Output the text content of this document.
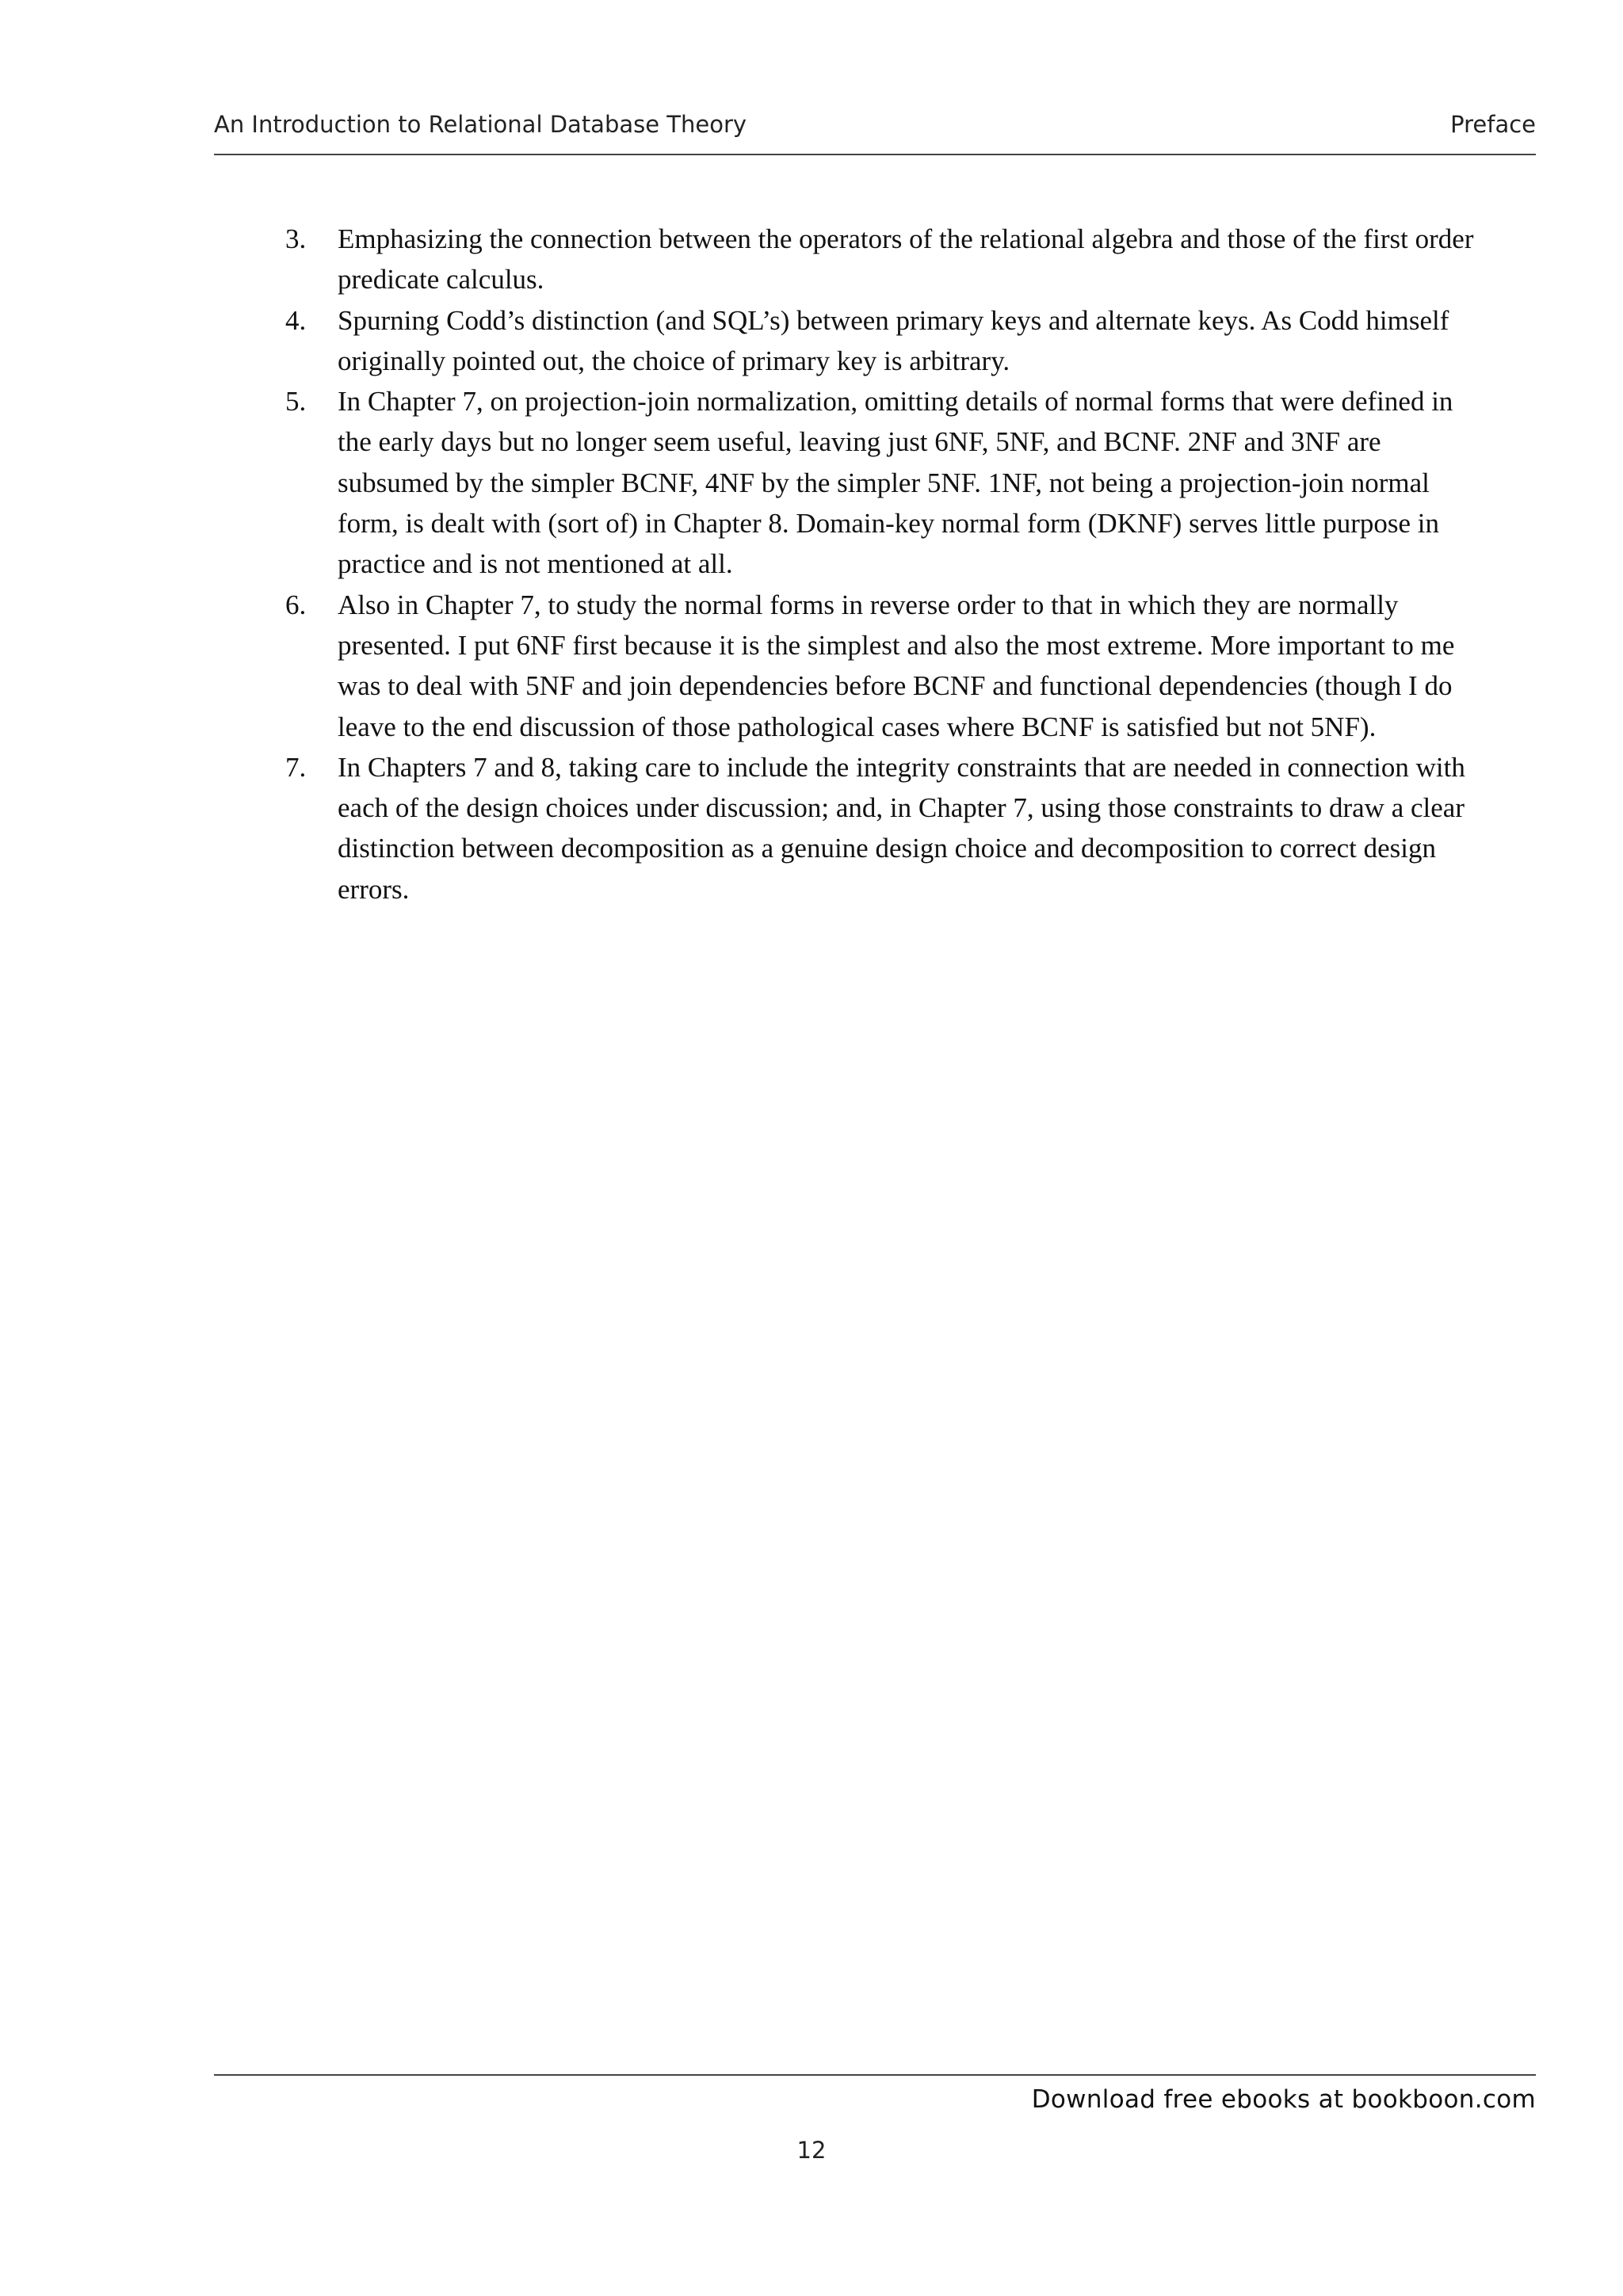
An Introduction to Relational Database Theory	Preface
3. Emphasizing the connection between the operators of the relational algebra and those of the first order predicate calculus.
4. Spurning Codd’s distinction (and SQL’s) between primary keys and alternate keys. As Codd himself originally pointed out, the choice of primary key is arbitrary.
5. In Chapter 7, on projection-join normalization, omitting details of normal forms that were defined in the early days but no longer seem useful, leaving just 6NF, 5NF, and BCNF. 2NF and 3NF are subsumed by the simpler BCNF, 4NF by the simpler 5NF. 1NF, not being a projection-join normal form, is dealt with (sort of) in Chapter 8. Domain-key normal form (DKNF) serves little purpose in practice and is not mentioned at all.
6. Also in Chapter 7, to study the normal forms in reverse order to that in which they are normally presented. I put 6NF first because it is the simplest and also the most extreme. More important to me was to deal with 5NF and join dependencies before BCNF and functional dependencies (though I do leave to the end discussion of those pathological cases where BCNF is satisfied but not 5NF).
7. In Chapters 7 and 8, taking care to include the integrity constraints that are needed in connection with each of the design choices under discussion; and, in Chapter 7, using those constraints to draw a clear distinction between decomposition as a genuine design choice and decomposition to correct design errors.
Download free ebooks at bookboon.com
12
